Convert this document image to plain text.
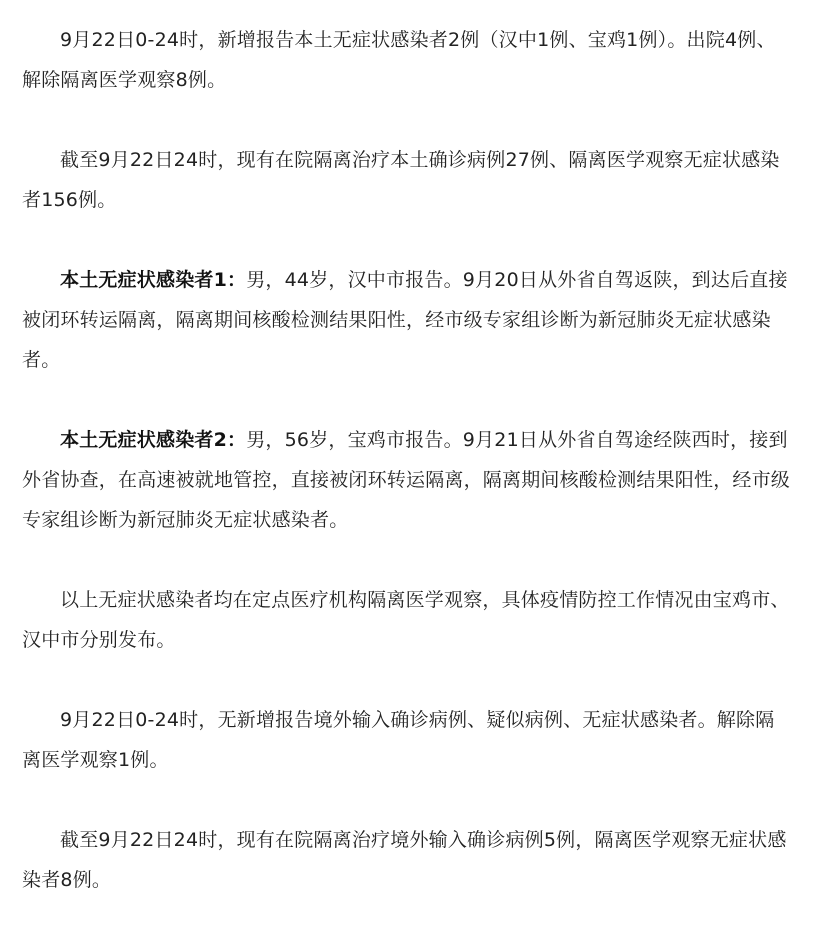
9月22日0-24时，新增报告本土无症状感染者2例（汉中1例、宝鸡1例）。出院4例、解除隔离医学观察8例。

截至9月22日24时，现有在院隔离治疗本土确诊病例27例、隔离医学观察无症状感染者156例。

本土无症状感染者1：男，44岁，汉中市报告。9月20日从外省自驾返陕，到达后直接被闭环转运隔离，隔离期间核酸检测结果阳性，经市级专家组诊断为新冠肺炎无症状感染者。

本土无症状感染者2：男，56岁，宝鸡市报告。9月21日从外省自驾途经陕西时，接到外省协查，在高速被就地管控，直接被闭环转运隔离，隔离期间核酸检测结果阳性，经市级专家组诊断为新冠肺炎无症状感染者。

以上无症状感染者均在定点医疗机构隔离医学观察，具体疫情防控工作情况由宝鸡市、汉中市分别发布。

9月22日0-24时，无新增报告境外输入确诊病例、疑似病例、无症状感染者。解除隔离医学观察1例。

截至9月22日24时，现有在院隔离治疗境外输入确诊病例5例，隔离医学观察无症状感染者8例。
